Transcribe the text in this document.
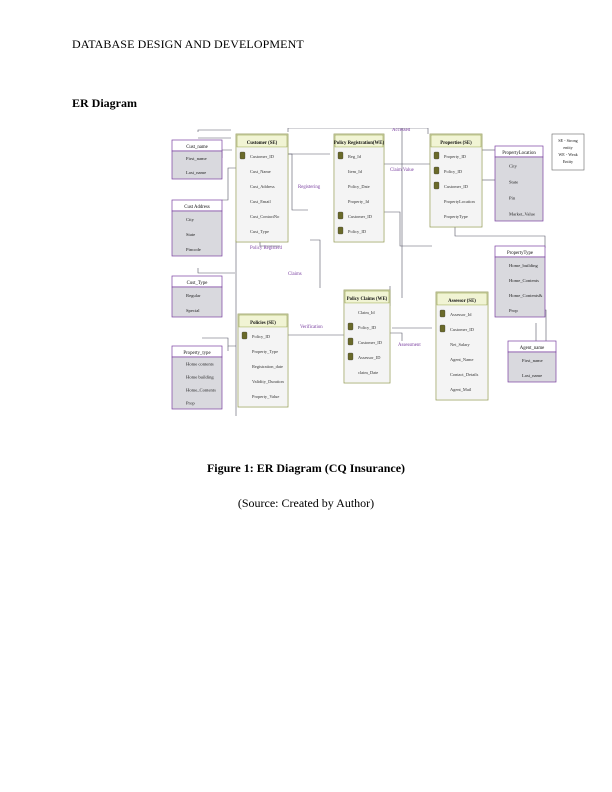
DATABASE DESIGN AND DEVELOPMENT
ER Diagram
Customer (SE)
Customer_ID
Cust_Name
Cust_Address
Cust_Email
Cust_ContactNo
Cust_Type
Policy Registration(WE)
Reg_Id
Item_Id
Policy_Date
Property_Id
Customer_ID
Policy_ID
Properties (SE)
Property_ID
Policy_ID
Customer_ID
PropertyLocation
PropertyType
Policies (SE)
Policy_ID
Property_Type
Registration_date
Validity_Duration
Property_Value
Policy Claims (WE)
Claim_Id
Policy_ID
Customer_ID
Assessor_ID
claim_Date
Assessor (SE)
Assessor_Id
Customer_ID
Net_Salary
Agent_Name
Contact_Details
Agent_Mail
Cust_name
First_name
Last_name
Cust Address
City
State
Pincode
Cust_Type
Regular
Special
Property_type
Home contents
Home building
Home_Contents
Prop
PropertyLocation
City
State
Pin
Market_Value
PropertyType
Home_building
Home_Contents
Home_Contents&
Prop
Agent_name
First_name
Last_name
SE - Strong
entity
WE - Weak
Entity
Accessed
Registering
Claim Value
Policy Registerd
Claims
Verification
Assessment
Figure 1: ER Diagram (CQ Insurance)
(Source: Created by Author)
